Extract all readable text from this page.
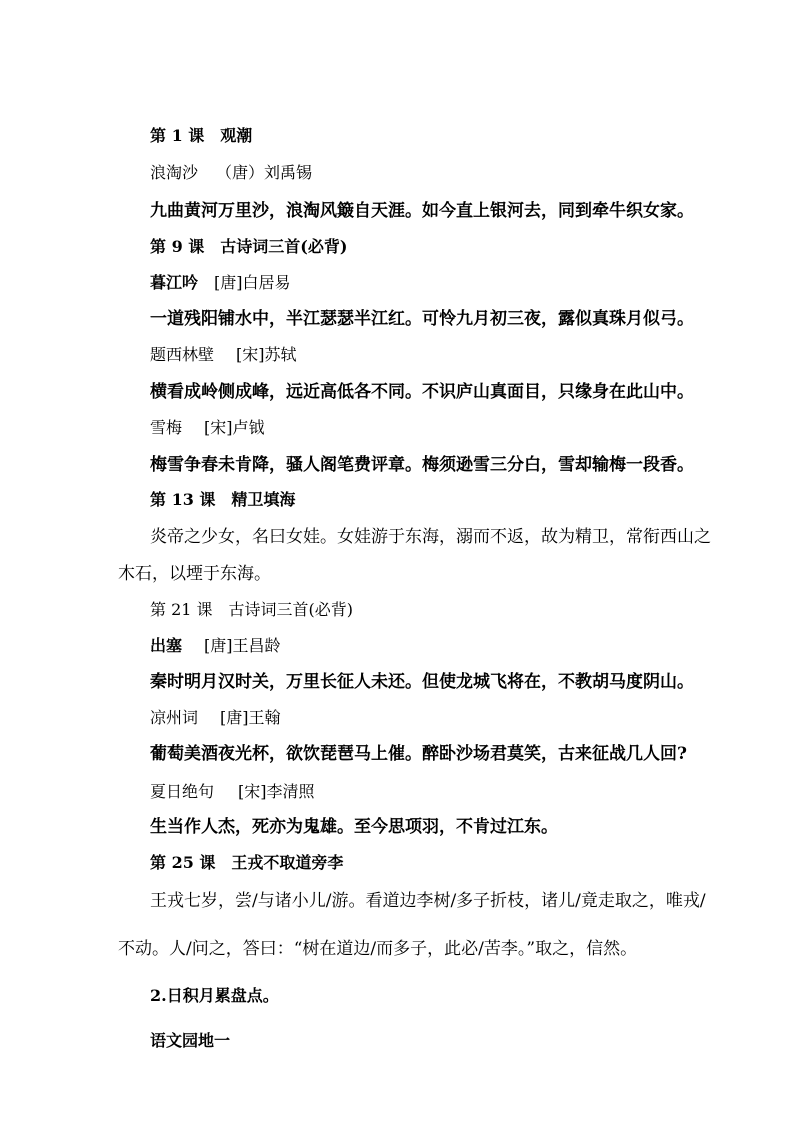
第 1 课　观潮
浪淘沙 （唐）刘禹锡
九曲黄河万里沙，浪淘风簸自天涯。如今直上银河去，同到牵牛织女家。
第 9 课　古诗词三首(必背)
暮江吟 [唐]白居易
一道残阳铺水中，半江瑟瑟半江红。可怜九月初三夜，露似真珠月似弓。
题西林壁 [宋]苏轼
横看成岭侧成峰，远近高低各不同。不识庐山真面目，只缘身在此山中。
雪梅 [宋]卢钺
梅雪争春未肯降，骚人阁笔费评章。梅须逊雪三分白，雪却输梅一段香。
第 13 课　精卫填海
炎帝之少女，名曰女娃。女娃游于东海，溺而不返，故为精卫，常衔西山之
木石，以堙于东海。
第 21 课　古诗词三首(必背)
出塞 [唐]王昌龄
秦时明月汉时关，万里长征人未还。但使龙城飞将在，不教胡马度阴山。
凉州词 [唐]王翰
葡萄美酒夜光杯，欲饮琵琶马上催。醉卧沙场君莫笑，古来征战几人回?
夏日绝句 [宋]李清照
生当作人杰，死亦为鬼雄。至今思项羽，不肯过江东。
第 25 课　王戎不取道旁李
王戎七岁，尝/与诸小儿/游。看道边李树/多子折枝，诸儿/竟走取之，唯戎/
不动。人/问之，答曰：“树在道边/而多子，此必/苦李。”取之，信然。
2.日积月累盘点。
语文园地一
